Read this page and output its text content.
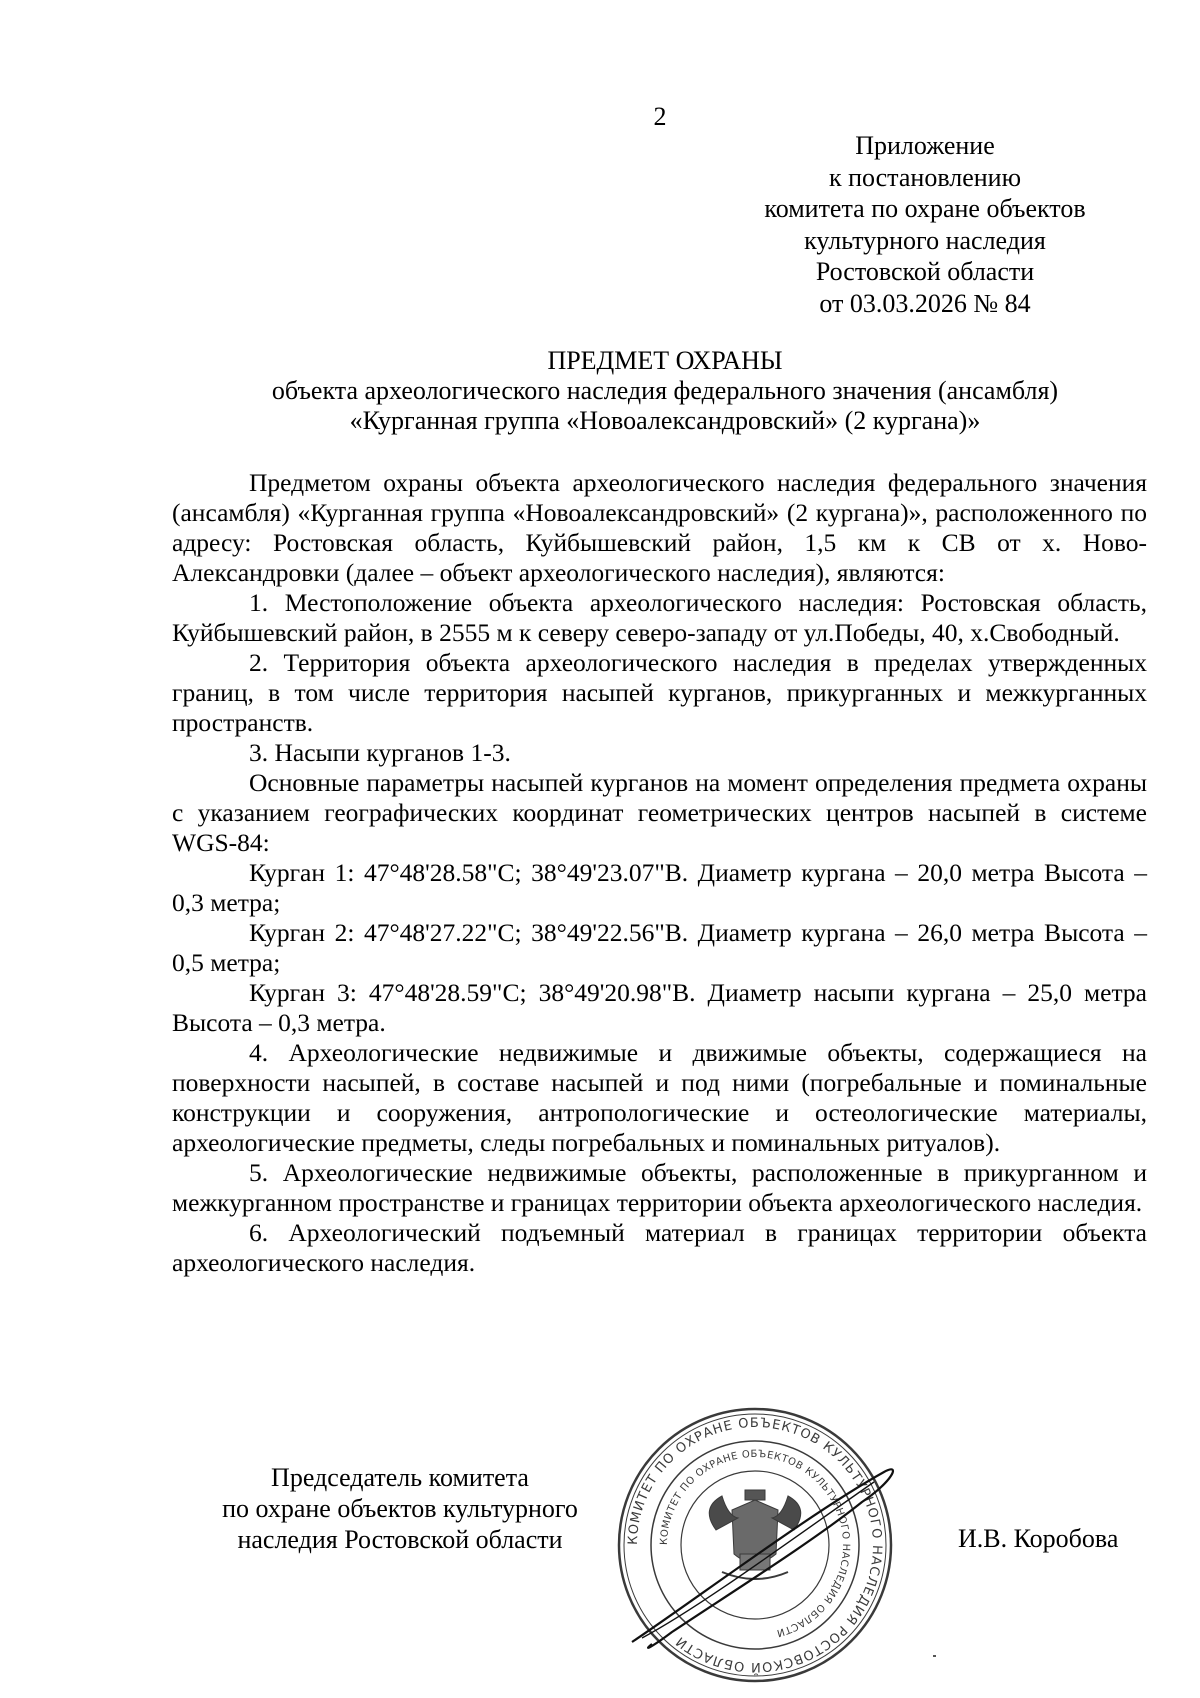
2
Приложение
к постановлению
комитета по охране объектов
культурного наследия
Ростовской области
от 03.03.2026 № 84
ПРЕДМЕТ ОХРАНЫ
объекта археологического наследия федерального значения (ансамбля)
«Курганная группа «Новоалександровский» (2 кургана)»

Предметом охраны объекта археологического наследия федерального значения (ансамбля) «Курганная группа «Новоалександровский» (2 кургана)», расположенного по адресу: Ростовская область, Куйбышевский район, 1,5 км к СВ от х. Ново-Александровки (далее – объект археологического наследия), являются:

1. Местоположение объекта археологического наследия: Ростовская область, Куйбышевский район, в 2555 м к северу северо-западу от ул.Победы, 40, х.Свободный.

2. Территория объекта археологического наследия в пределах утвержденных границ, в том числе территория насыпей курганов, прикурганных и межкурганных пространств.

3. Насыпи курганов 1-3.

Основные параметры насыпей курганов на момент определения предмета охраны с указанием географических координат геометрических центров насыпей в системе WGS-84:

Курган 1: 47°48'28.58"С; 38°49'23.07"В. Диаметр кургана – 20,0 метра Высота – 0,3 метра;

Курган 2: 47°48'27.22"С; 38°49'22.56"В. Диаметр кургана – 26,0 метра Высота – 0,5 метра;

Курган 3: 47°48'28.59"С; 38°49'20.98"В. Диаметр насыпи кургана – 25,0 метра Высота – 0,3 метра.

4. Археологические недвижимые и движимые объекты, содержащиеся на поверхности насыпей, в составе насыпей и под ними (погребальные и поминальные конструкции и сооружения, антропологические и остеологические материалы, археологические предметы, следы погребальных и поминальных ритуалов).

5. Археологические недвижимые объекты, расположенные в прикурганном и межкурганном пространстве и границах территории объекта археологического наследия.

6. Археологический подъемный материал в границах территории объекта археологического наследия.

Председатель комитета
по охране объектов культурного
наследия Ростовской области	И.В. Коробова
КОМИТЕТ ПО ОХРАНЕ ОБЪЕКТОВ КУЛЬТУРНОГО НАСЛЕДИЯ РОСТОВСКОЙ ОБЛАСТИ
КОМИТЕТ ПО ОХРАНЕ ОБЪЕКТОВ КУЛЬТУРНОГО НАСЛЕДИЯ ОБЛАСТИ
